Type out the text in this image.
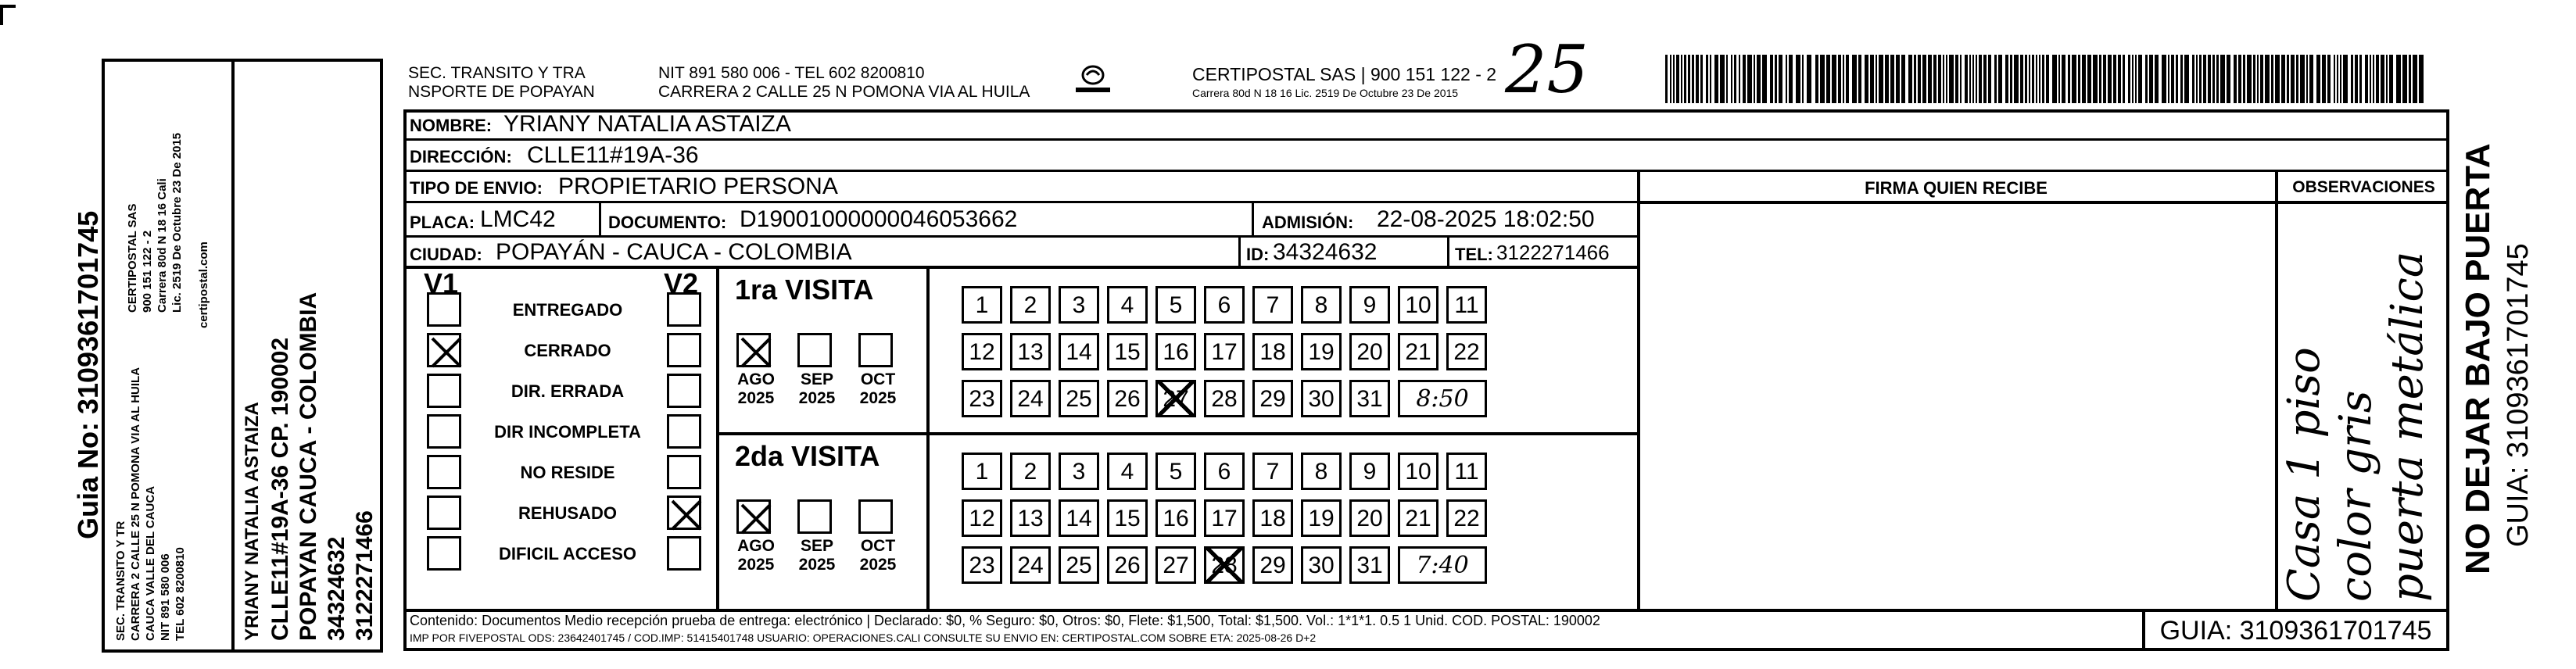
Guia No: 3109361701745
SEC. TRANSITO Y TR CARRERA 2 CALLE 25 N POMONA VIA AL HUILA CAUCA VALLE DEL CAUCA NIT 891 580 006 TEL 602 8200810
CERTIPOSTAL SAS 900 151 122 - 2 Carrera 80d N 18 16 Cali Lic. 2519 De Octubre 23 De 2015 certipostal.com
YRIANY NATALIA ASTAIZA CLLE11#19A-36 CP. 190002 POPAYAN CAUCA - COLOMBIA 34324632 3122271466
SEC. TRANSITO Y TRA
NSPORTE DE POPAYAN
NIT 891 580 006 - TEL 602 8200810
CARRERA 2 CALLE 25 N POMONA VIA AL HUILA
CERTIPOSTAL SAS | 900 151 122 - 2
Carrera 80d N 18 16 Lic. 2519 De Octubre 23 De 2015 25
NOMBRE: YRIANY NATALIA ASTAIZA
DIRECCIÓN: CLLE11#19A-36
TIPO DE ENVIO: PROPIETARIO PERSONA
PLACA: LMC42	DOCUMENTO: D19001000000046053662	ADMISIÓN: 22-08-2025 18:02:50
CIUDAD: POPAYÁN - CAUCA - COLOMBIA	ID: 34324632	TEL: 3122271466
FIRMA QUIEN RECIBE	OBSERVACIONES
Casa 1 piso color gris puerta metálica NO DEJAR BAJO PUERTA GUIA: 3109361701745
V1	V2
ENTREGADO
CERRADO
DIR. ERRADA
DIR INCOMPLETA
NO RESIDE
REHUSADO
DIFICIL ACCESO
1ra VISITA
AGO 2025
SEP 2025
OCT 2025
1	2	3	4	5	6	7	8	9	10 11
12 13 14 15 16 17 18 19 20 21 22
23 24 25 26 27 28 29 30 31	8:50
2da VISITA
AGO 2025
SEP 2025
OCT 2025
1	2	3	4	5	6	7	8	9	10 11
12 13 14 15 16 17 18 19 20 21 22
23 24 25 26 27 28 29 30 31	7:40
Contenido: Documentos Medio recepción prueba de entrega: electrónico | Declarado: $0, % Seguro: $0, Otros: $0, Flete: $1,500, Total: $1,500. Vol.: 1*1*1. 0.5 1 Unid. COD. POSTAL: 190002
IMP POR FIVEPOSTAL ODS: 23642401745 / COD.IMP: 51415401748 USUARIO: OPERACIONES.CALI CONSULTE SU ENVIO EN: CERTIPOSTAL.COM SOBRE ETA: 2025-08-26 D+2	GUIA: 3109361701745
